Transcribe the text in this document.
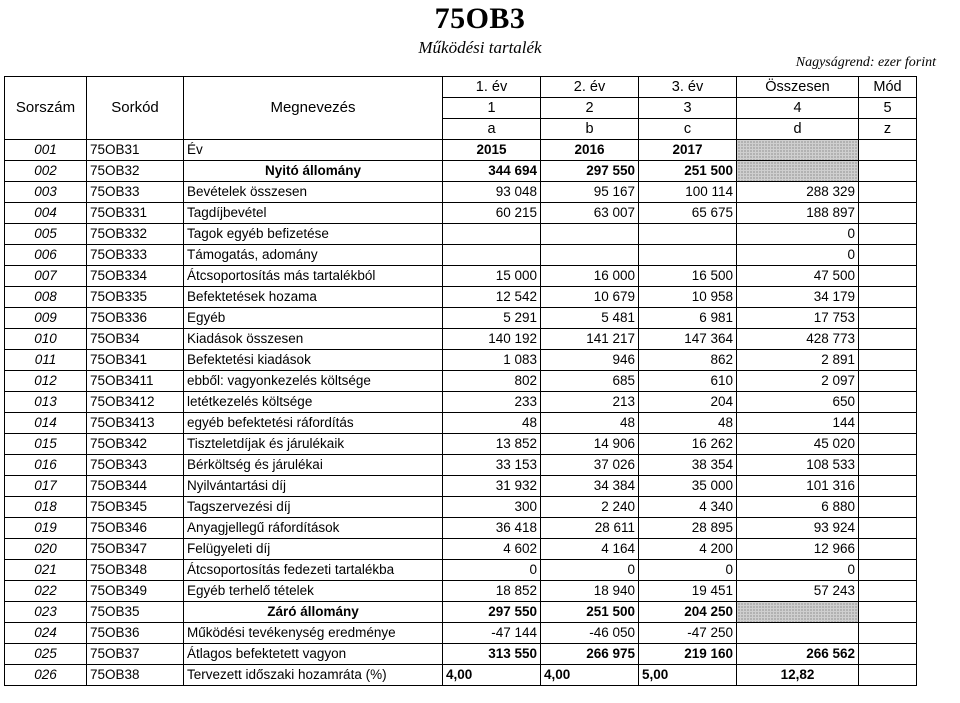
75OB3
Működési tartalék
Nagyságrend: ezer forint
Sorszám	Sorkód	Megnevezés	1. év	2. év	3. év	Összesen	Mód
			1	2	3	4	5
			a	b	c	d	z
001	75OB31	Év	2015	2016	2017		
002	75OB32	Nyitó állomány	344 694	297 550	251 500		
003	75OB33	Bevételek összesen	93 048	95 167	100 114	288 329	
004	75OB331	Tagdíjbevétel	60 215	63 007	65 675	188 897	
005	75OB332	Tagok egyéb befizetése				0	
006	75OB333	Támogatás, adomány				0	
007	75OB334	Átcsoportosítás más tartalékból	15 000	16 000	16 500	47 500	
008	75OB335	Befektetések hozama	12 542	10 679	10 958	34 179	
009	75OB336	Egyéb	5 291	5 481	6 981	17 753	
010	75OB34	Kiadások összesen	140 192	141 217	147 364	428 773	
011	75OB341	Befektetési kiadások	1 083	946	862	2 891	
012	75OB3411	ebből: vagyonkezelés költsége	802	685	610	2 097	
013	75OB3412	letétkezelés költsége	233	213	204	650	
014	75OB3413	egyéb befektetési ráfordítás	48	48	48	144	
015	75OB342	Tiszteletdíjak és járulékaik	13 852	14 906	16 262	45 020	
016	75OB343	Bérköltség és járulékai	33 153	37 026	38 354	108 533	
017	75OB344	Nyilvántartási díj	31 932	34 384	35 000	101 316	
018	75OB345	Tagszervezési díj	300	2 240	4 340	6 880	
019	75OB346	Anyagjellegű ráfordítások	36 418	28 611	28 895	93 924	
020	75OB347	Felügyeleti díj	4 602	4 164	4 200	12 966	
021	75OB348	Átcsoportosítás fedezeti tartalékba	0	0	0	0	
022	75OB349	Egyéb terhelő tételek	18 852	18 940	19 451	57 243	
023	75OB35	Záró állomány	297 550	251 500	204 250		
024	75OB36	Működési tevékenység eredménye	-47 144	-46 050	-47 250		
025	75OB37	Átlagos befektetett vagyon	313 550	266 975	219 160	266 562	
026	75OB38	Tervezett időszaki hozamráta (%)	4,00	4,00	5,00	12,82	
